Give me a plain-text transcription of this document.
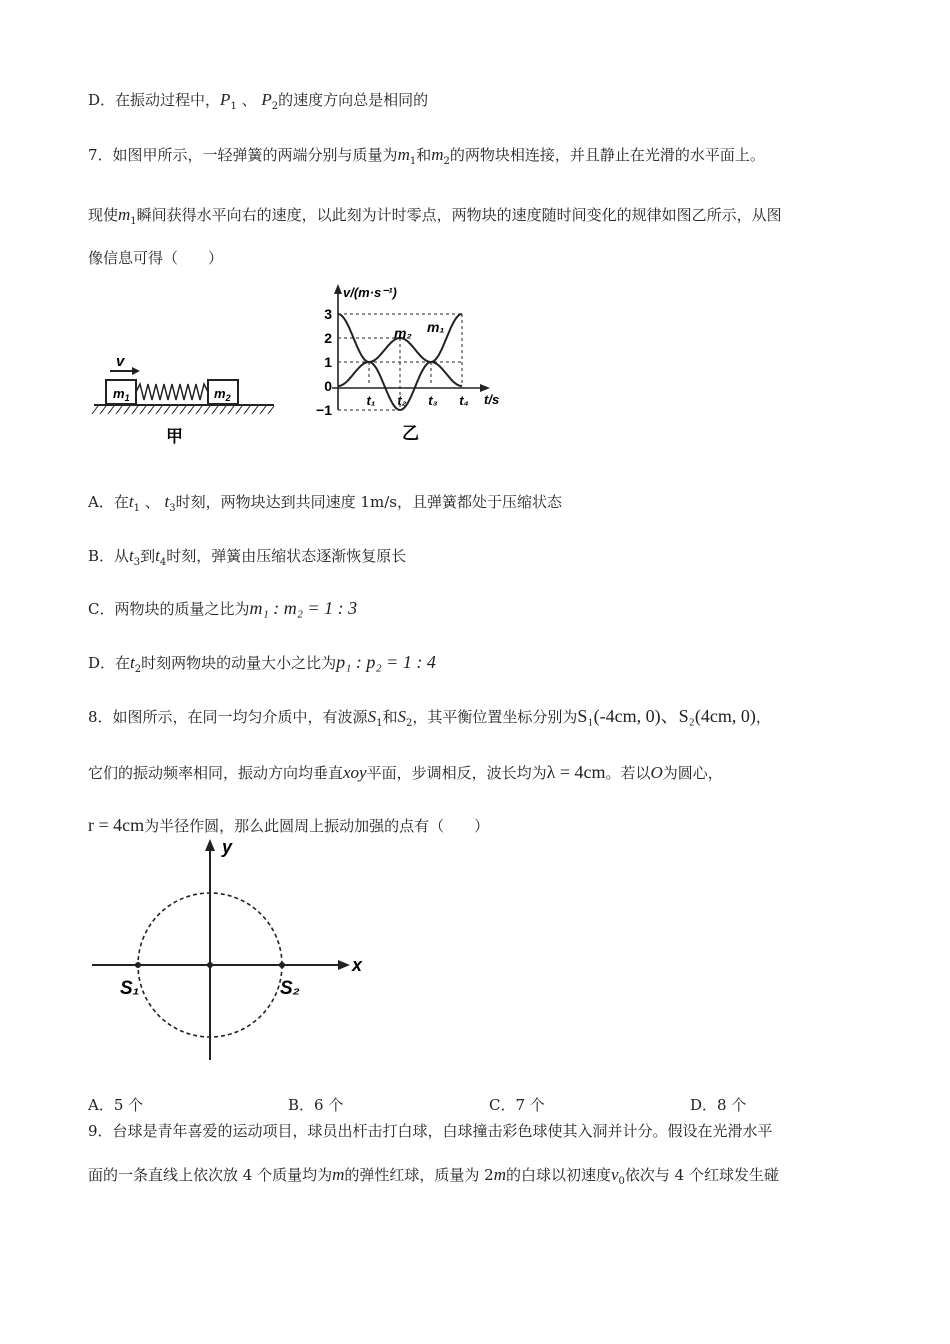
D．在振动过程中，$P_1$ 、 $P_2$的速度方向总是相同的
7．如图甲所示，一轻弹簧的两端分别与质量为$m_1$和$m_2$的两物块相连接，并且静止在光滑的水平面上。
现使$m_1$瞬间获得水平向右的速度，以此刻为计时零点，两物块的速度随时间变化的规律如图乙所示，从图
像信息可得（　　）
v
$m_1$	$m_2$
甲
v/(m·s⁻¹)
t/s
3
2
1
0
−1
t₁ t₂ t₃ t₄
m₂ m₁
乙
A．在$t_1$ 、 $t_3$时刻，两物块达到共同速度 1m/s，且弹簧都处于压缩状态
B．从$t_3$到$t_4$时刻，弹簧由压缩状态逐渐恢复原长
C．两物块的质量之比为m₁ : m₂ = 1 : 3
D．在$t_2$时刻两物块的动量大小之比为p₁ : p₂ = 1 : 4
8．如图所示，在同一均匀介质中，有波源$S_1$和$S_2$，其平衡位置坐标分别为S₁(-4cm, 0)、S₂(4cm, 0)，
它们的振动频率相同，振动方向均垂直xoy平面，步调相反，波长均为λ = 4cm。若以O为圆心，
r = 4cm为半径作圆，那么此圆周上振动加强的点有（　　）
y
x
S₁	S₂
A．5 个	B．6 个	C．7 个	D．8 个
9．台球是青年喜爱的运动项目，球员出杆击打白球，白球撞击彩色球使其入洞并计分。假设在光滑水平
面的一条直线上依次放 4 个质量均为m的弹性红球，质量为 2m的白球以初速度$v_0$依次与 4 个红球发生碰
